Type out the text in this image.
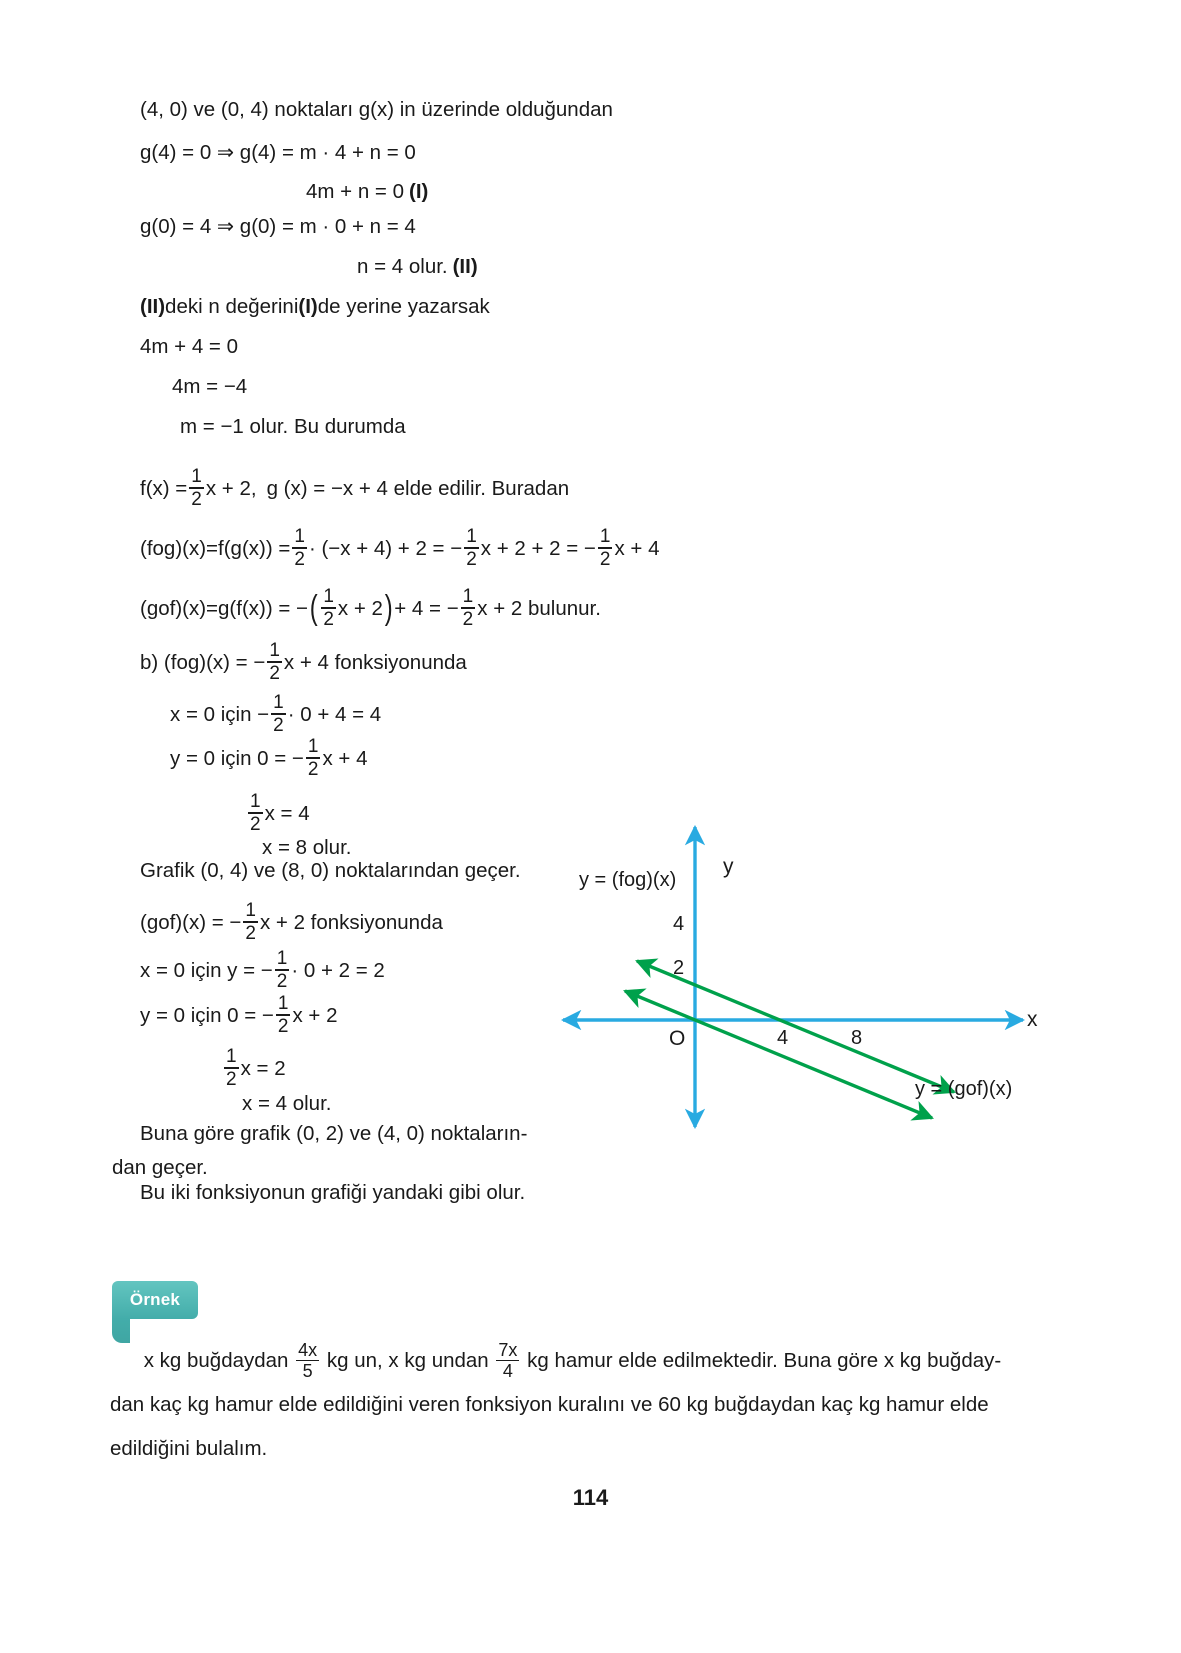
(4, 0) ve (0, 4) noktaları g(x) in üzerinde olduğundan
g(4) = 0 ⇒ g(4) = m · 4 + n = 0
4m + n = 0 (I)
g(0) = 4 ⇒ g(0) = m · 0 + n = 4
n = 4 olur. (II)
(II) deki n değerini (I) de yerine yazarsak
4m + 4 = 0
4m = −4
m = −1 olur. Bu durumda
$f(x) = \frac{1}{2}$ x + 2, g (x) = −x + 4 elde edilir. Buradan
$(fog)(x)=f(g(x)) = \frac{1}{2} \cdot (-x + 4) + 2$ = − $\frac{1}{2}$ x + 2 + 2 = − $\frac{1}{2}$ x + 4
(gof)(x)=g(f(x)) = − ( $\frac{1}{2}$ x + 2 ) + 4 = − $\frac{1}{2}$ x + 2 bulunur.
b) (fog)(x) = − $\frac{1}{2}$ x + 4 fonksiyonunda
x = 0 için − $\frac{1}{2} \cdot 0 + 4 = 4$
y = 0 için 0 = − $\frac{1}{2}$ x + 4
$\frac{1}{2}$ x = 4
x = 8 olur.
Grafik (0, 4) ve (8, 0) noktalarından geçer.
(gof)(x) = − $\frac{1}{2}$ x + 2 fonksiyonunda
x = 0 için y = − $\frac{1}{2} \cdot 0 + 2 = 2$
y = 0 için 0 = − $\frac{1}{2}$ x + 2
$\frac{1}{2}$ x = 2
x = 4 olur.
Buna göre grafik (0, 2) ve (4, 0) noktaların-
dan geçer.
Bu iki fonksiyonun grafiği yandaki gibi olur.
y
x
O
4
2
4	8
y = (fog)(x)
y = (gof)(x)
Örnek
x kg buğdaydan $\frac{4x}{5}$ kg un, x kg undan $\frac{7x}{4}$ kg hamur elde edilmektedir. Buna göre x kg buğday-
dan kaç kg hamur elde edildiğini veren fonksiyon kuralını ve 60 kg buğdaydan kaç kg hamur elde
edildiğini bulalım.
114
